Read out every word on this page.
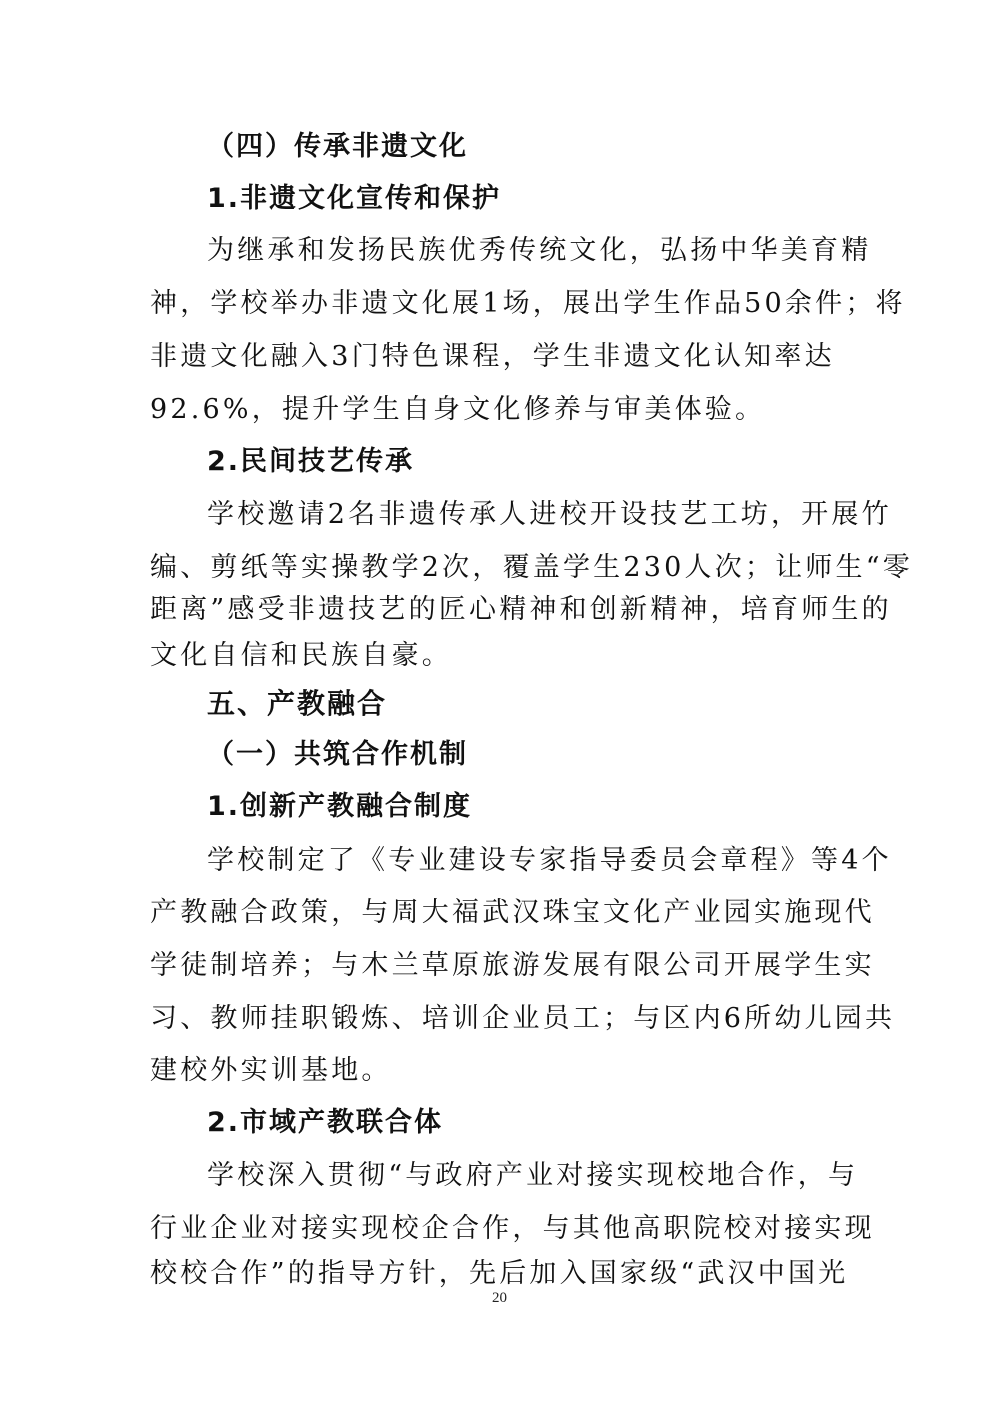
（四）传承非遗文化
1.非遗文化宣传和保护
为继承和发扬民族优秀传统文化，弘扬中华美育精
神，学校举办非遗文化展1场，展出学生作品50余件；将
非遗文化融入3门特色课程，学生非遗文化认知率达
92.6%，提升学生自身文化修养与审美体验。
2.民间技艺传承
学校邀请2名非遗传承人进校开设技艺工坊，开展竹
编、剪纸等实操教学2次，覆盖学生230人次；让师生“零
距离”感受非遗技艺的匠心精神和创新精神，培育师生的
文化自信和民族自豪。
五、产教融合
（一）共筑合作机制
1.创新产教融合制度
学校制定了《专业建设专家指导委员会章程》等4个
产教融合政策，与周大福武汉珠宝文化产业园实施现代
学徒制培养；与木兰草原旅游发展有限公司开展学生实
习、教师挂职锻炼、培训企业员工；与区内6所幼儿园共
建校外实训基地。
2.市域产教联合体
学校深入贯彻“与政府产业对接实现校地合作，与
行业企业对接实现校企合作，与其他高职院校对接实现
校校合作”的指导方针，先后加入国家级“武汉中国光
20
